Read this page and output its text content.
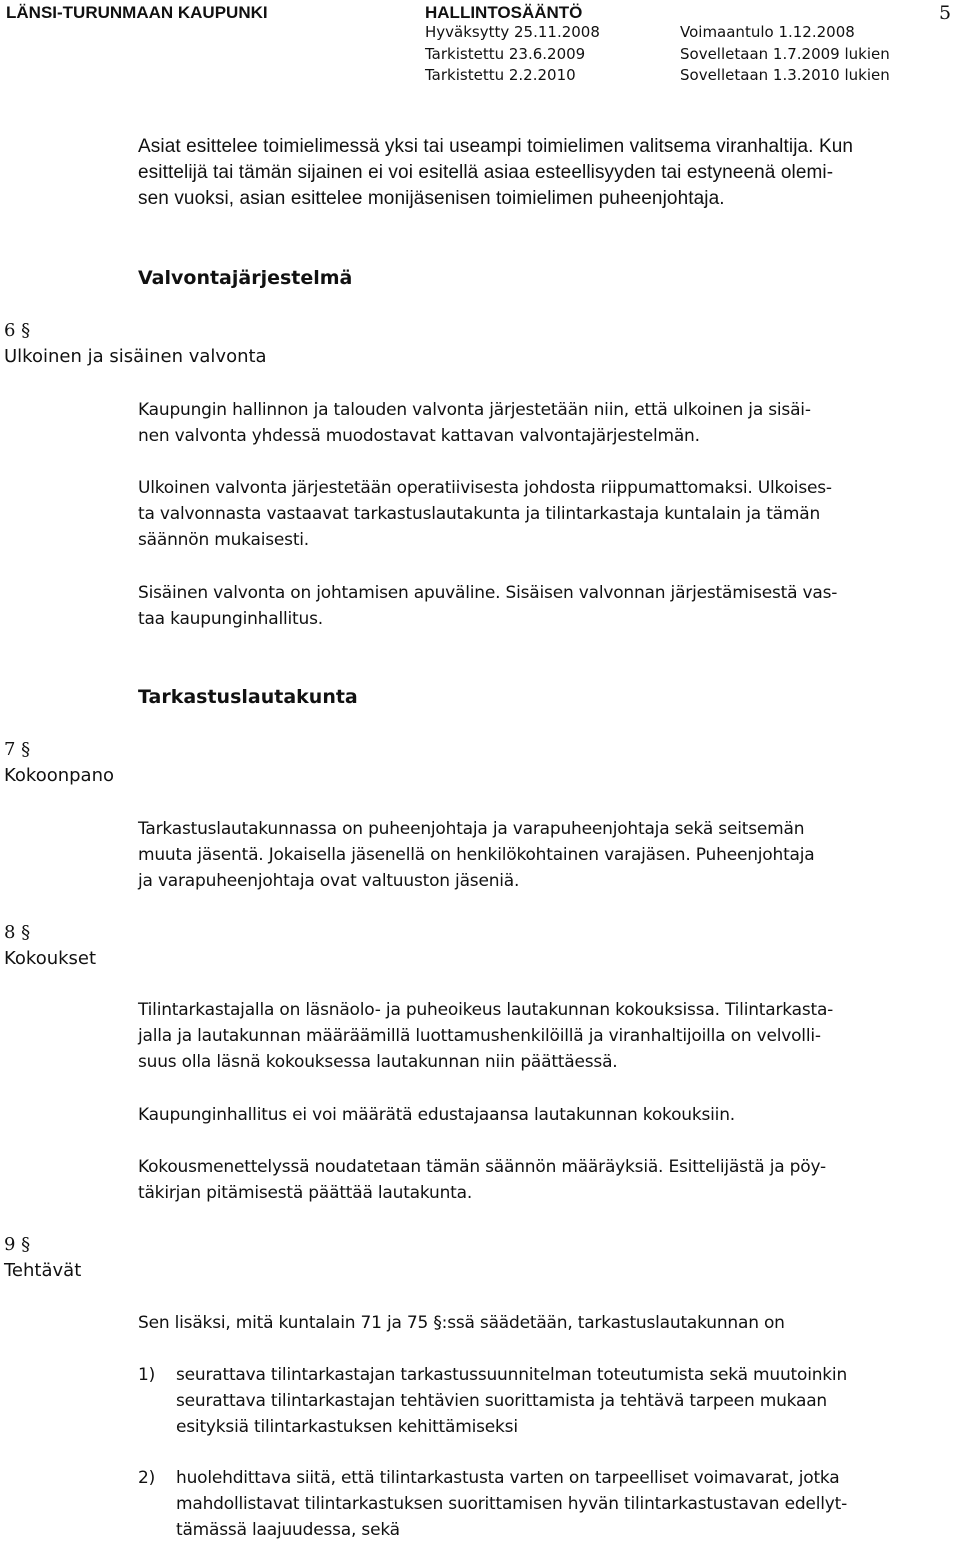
LÄNSI-TURUNMAAN KAUPUNKI	HALLINTOSÄÄNTÖ
Hyväksytty 25.11.2008
Tarkistettu 23.6.2009
Tarkistettu 2.2.2010
Voimaantulo 1.12.2008
Sovelletaan 1.7.2009 lukien
Sovelletaan 1.3.2010 lukien
5
Asiat esittelee toimielimessä yksi tai useampi toimielimen valitsema viranhaltija. Kun
esittelijä tai tämän sijainen ei voi esitellä asiaa esteellisyyden tai estyneenä olemi-
sen vuoksi, asian esittelee monijäsenisen toimielimen puheenjohtaja.
Valvontajärjestelmä
6 §
Ulkoinen ja sisäinen valvonta
Kaupungin hallinnon ja talouden valvonta järjestetään niin, että ulkoinen ja sisäi-
nen valvonta yhdessä muodostavat kattavan valvontajärjestelmän.
Ulkoinen valvonta järjestetään operatiivisesta johdosta riippumattomaksi. Ulkoises-
ta valvonnasta vastaavat tarkastuslautakunta ja tilintarkastaja kuntalain ja tämän
säännön mukaisesti.
Sisäinen valvonta on johtamisen apuväline. Sisäisen valvonnan järjestämisestä vas-
taa kaupunginhallitus.
Tarkastuslautakunta
7 §
Kokoonpano
Tarkastuslautakunnassa on puheenjohtaja ja varapuheenjohtaja sekä seitsemän
muuta jäsentä. Jokaisella jäsenellä on henkilökohtainen varajäsen. Puheenjohtaja
ja varapuheenjohtaja ovat valtuuston jäseniä.
8 §
Kokoukset
Tilintarkastajalla on läsnäolo- ja puheoikeus lautakunnan kokouksissa. Tilintarkasta-
jalla ja lautakunnan määräämillä luottamushenkilöillä ja viranhaltijoilla on velvolli-
suus olla läsnä kokouksessa lautakunnan niin päättäessä.
Kaupunginhallitus ei voi määrätä edustajaansa lautakunnan kokouksiin.
Kokousmenettelyssä noudatetaan tämän säännön määräyksiä. Esittelijästä ja pöy-
täkirjan pitämisestä päättää lautakunta.
9 §
Tehtävät
Sen lisäksi, mitä kuntalain 71 ja 75 §:ssä säädetään, tarkastuslautakunnan on
1) seurattava tilintarkastajan tarkastussuunnitelman toteutumista sekä muutoinkin
seurattava tilintarkastajan tehtävien suorittamista ja tehtävä tarpeen mukaan
esityksiä tilintarkastuksen kehittämiseksi
2) huolehdittava siitä, että tilintarkastusta varten on tarpeelliset voimavarat, jotka
mahdollistavat tilintarkastuksen suorittamisen hyvän tilintarkastustavan edellyt-
tämässä laajuudessa, sekä
